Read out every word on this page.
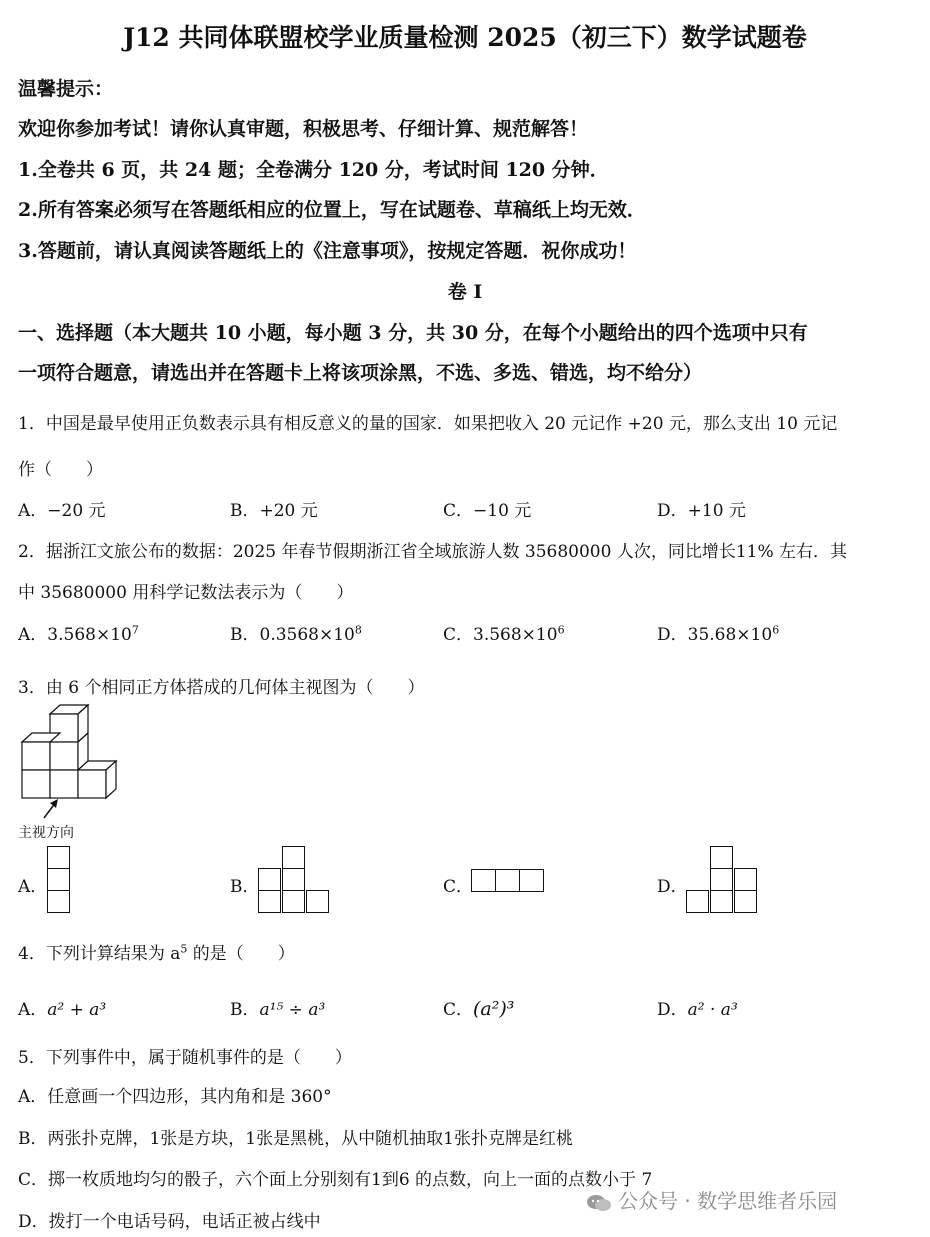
J12 共同体联盟校学业质量检测 2025（初三下）数学试题卷
温馨提示：
欢迎你参加考试！请你认真审题，积极思考、仔细计算、规范解答！
1.全卷共 6 页，共 24 题；全卷满分 120 分，考试时间 120 分钟．
2.所有答案必须写在答题纸相应的位置上，写在试题卷、草稿纸上均无效．
3.答题前，请认真阅读答题纸上的《注意事项》，按规定答题．祝你成功！
卷 I
一、选择题（本大题共 10 小题，每小题 3 分，共 30 分，在每个小题给出的四个选项中只有
一项符合题意，请选出并在答题卡上将该项涂黑，不选、多选、错选，均不给分）
1．中国是最早使用正负数表示具有相反意义的量的国家．如果把收入 20 元记作 +20 元，那么支出 10 元记
作（　　）
A．−20 元	B．+20 元	C．−10 元	D．+10 元
2．据浙江文旅公布的数据：2025 年春节假期浙江省全域旅游人数 35680000 人次，同比增长11% 左右．其
中 35680000 用科学记数法表示为（　　）
A．$3.568\times 10^7$	B．$0.3568\times 10^8$	C．$3.568\times 10^6$	D．$35.68\times 10^6$
3．由 6 个相同正方体搭成的几何体主视图为（　　）
主视方向
A．	B．	C．	D．
4．下列计算结果为 $a^5$ 的是（　　）
A．a² + a³	B．a¹⁵ ÷ a³	C．(a²)³	D．a² · a³
5．下列事件中，属于随机事件的是（　　）
A．任意画一个四边形，其内角和是 360°
B．两张扑克牌，1张是方块，1张是黑桃，从中随机抽取1张扑克牌是红桃
C．掷一枚质地均匀的骰子，六个面上分别刻有1到6 的点数，向上一面的点数小于 7
D．拨打一个电话号码，电话正被占线中
公众号 · 数学思维者乐园
